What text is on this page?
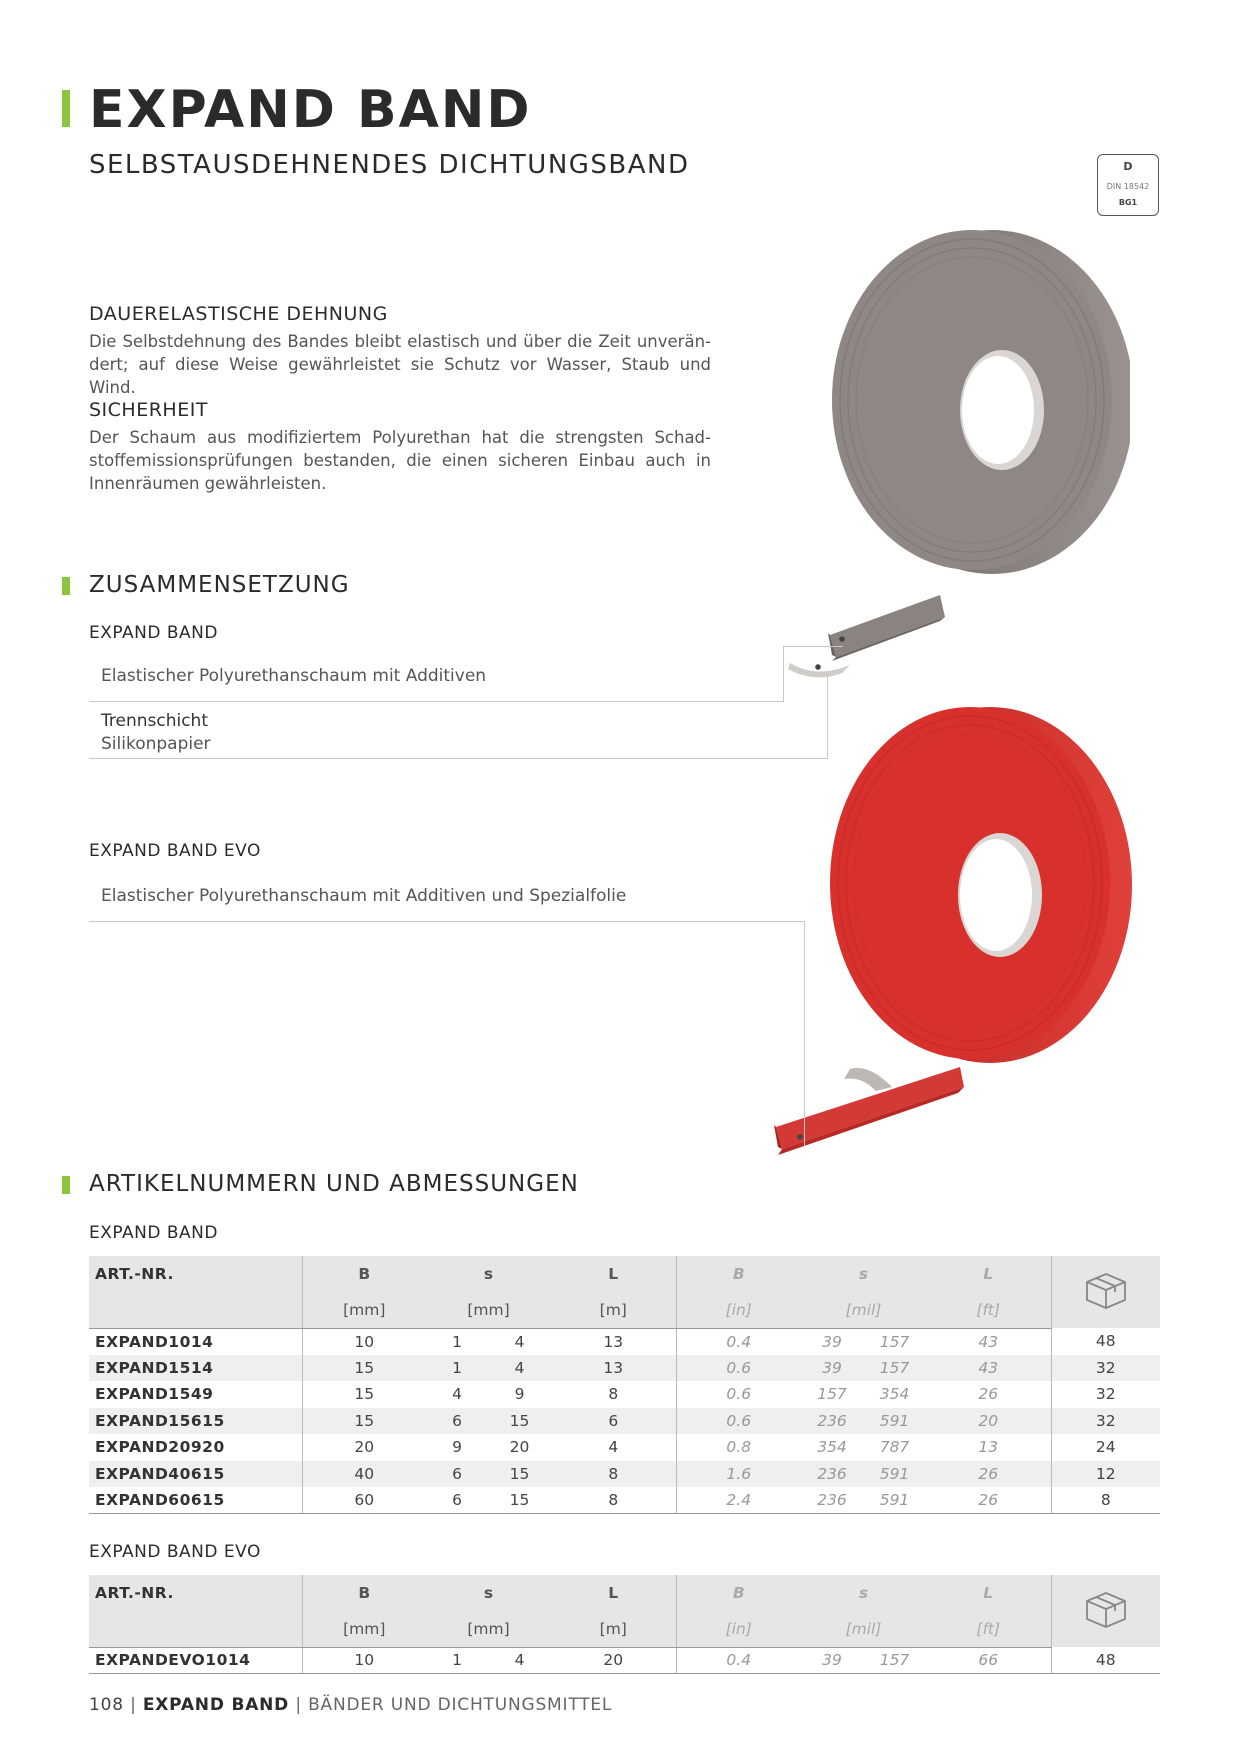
EXPAND BAND
SELBSTAUSDEHNENDES DICHTUNGSBAND	D
DIN 18542
BG1
DAUERELASTISCHE DEHNUNG
Die Selbstdehnung des Bandes bleibt elastisch und über die Zeit unverändert; auf diese Weise gewährleistet sie Schutz vor Wasser, Staub und Wind.
SICHERHEIT
Der Schaum aus modifiziertem Polyurethan hat die strengsten Schadstoffemissionsprüfungen bestanden, die einen sicheren Einbau auch in Innenräumen gewährleisten.
ZUSAMMENSETZUNG
EXPAND BAND
Elastischer Polyurethanschaum mit Additiven
Trennschicht
Silikonpapier
EXPAND BAND EVO
Elastischer Polyurethanschaum mit Additiven und Spezialfolie
ARTIKELNUMMERN UND ABMESSUNGEN
EXPAND BAND
ART.-NR.	B	s		L	B	s		L	
	[mm]	[mm]		[m]	[in]	[mil]		[ft]	
EXPAND1014	10	1	4	13	0.4	39	157	43	48
EXPAND1514	15	1	4	13	0.6	39	157	43	32
EXPAND1549	15	4	9	8	0.6	157	354	26	32
EXPAND15615	15	6	15	6	0.6	236	591	20	32
EXPAND20920	20	9	20	4	0.8	354	787	13	24
EXPAND40615	40	6	15	8	1.6	236	591	26	12
EXPAND60615	60	6	15	8	2.4	236	591	26	8
EXPAND BAND EVO
ART.-NR.	B	s		L	B	s		L	
	[mm]	[mm]		[m]	[in]	[mil]		[ft]	
EXPANDEVO1014	10	1	4	20	0.4	39	157	66	48
108 | EXPAND BAND | BÄNDER UND DICHTUNGSMITTEL
